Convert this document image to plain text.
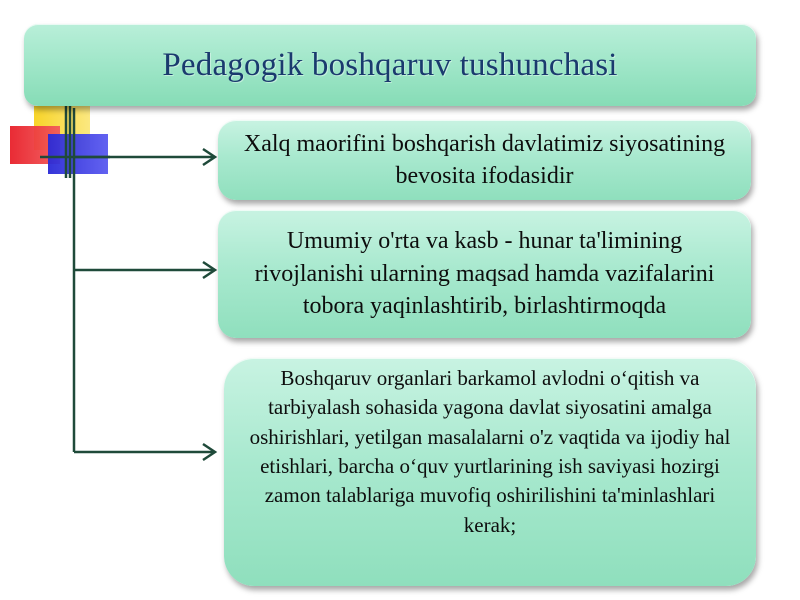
Pedagogik boshqaruv tushunchasi
Xalq maorifini boshqarish davlatimiz siyosatining bevosita ifodasidir
Umumiy o'rta va kasb - hunar ta'limining rivojlanishi ularning maqsad hamda vazifalarini tobora yaqinlashtirib, birlashtirmoqda
Boshqaruv organlari barkamol avlodni o‘qitish va tarbiyalash sohasida yagona davlat siyosatini amalga oshirishlari, yetilgan masalalarni o'z vaqtida va ijodiy hal etishlari, barcha o‘quv yurtlarining ish saviyasi hozirgi zamon talablariga muvofiq oshirilishini ta'minlashlari kerak;
